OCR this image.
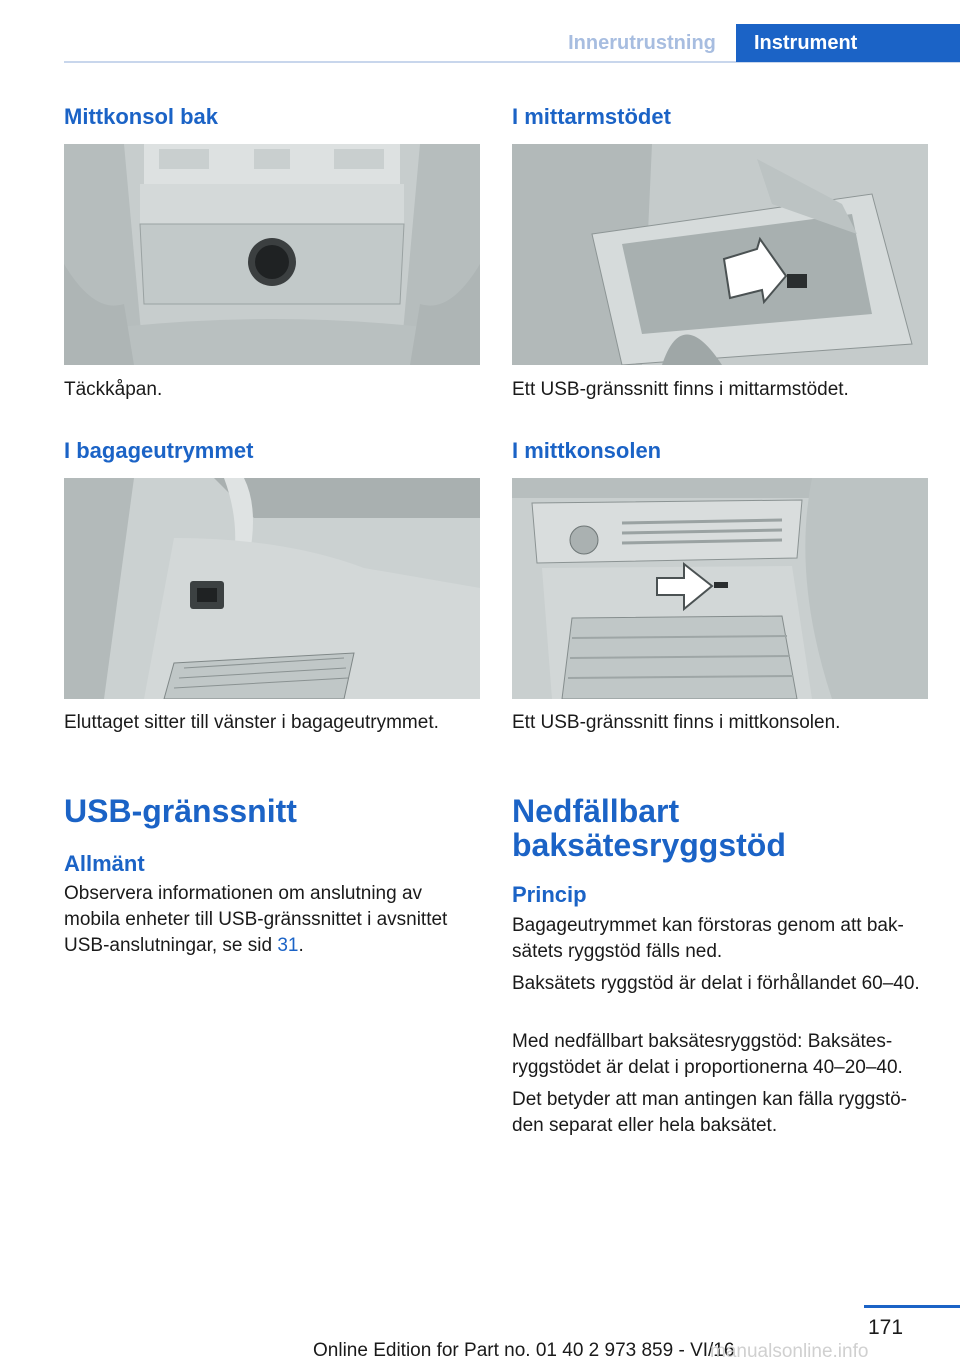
Innerutrustning	Instrument
Mittkonsol bak

Täckkåpan.

I bagageutrymmet

Eluttaget sitter till vänster i bagageutrymmet.

USB-gränssnitt
Allmänt

Observera informationen om anslutning av mobila enheter till USB-gränssnittet i avsnittet USB-anslutningar, se sid 31.

I mittarmstödet

Ett USB-gränssnitt finns i mittarmstödet.

I mittkonsolen

Ett USB-gränssnitt finns i mittkonsolen.

Nedfällbart baksätesryggstöd
Princip

Bagageutrymmet kan förstoras genom att bak‐ sätets ryggstöd fälls ned.

Baksätets ryggstöd är delat i förhållandet 60–40.

Med nedfällbart baksätesryggstöd: Baksätes‐ ryggstödet är delat i proportionerna 40–20–40.

Det betyder att man antingen kan fälla ryggstö‐ den separat eller hela baksätet.

171
Online Edition for Part no. 01 40 2 973 859 - VI/16
manualsonline.info
